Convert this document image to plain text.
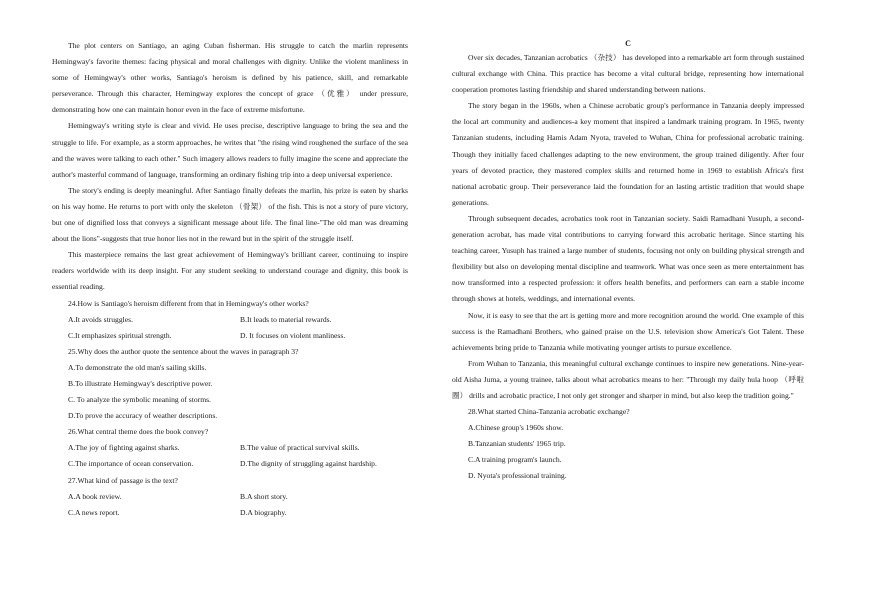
The plot centers on Santiago, an aging Cuban fisherman. His struggle to catch the marlin represents Hemingway's favorite themes: facing physical and moral challenges with dignity. Unlike the violent manliness in some of Hemingway's other works, Santiago's heroism is defined by his patience, skill, and remarkable perseverance. Through this character, Hemingway explores the concept of grace （优雅） under pressure, demonstrating how one can maintain honor even in the face of extreme misfortune.

Hemingway's writing style is clear and vivid. He uses precise, descriptive language to bring the sea and the struggle to life. For example, as a storm approaches, he writes that "the rising wind roughened the surface of the sea and the waves were talking to each other." Such imagery allows readers to fully imagine the scene and appreciate the author's masterful command of language, transforming an ordinary fishing trip into a deep universal experience.

The story's ending is deeply meaningful. After Santiago finally defeats the marlin, his prize is eaten by sharks on his way home. He returns to port with only the skeleton （骨架） of the fish. This is not a story of pure victory, but one of dignified loss that conveys a significant message about life. The final line-"The old man was dreaming about the lions"-suggests that true honor lies not in the reward but in the spirit of the struggle itself.

This masterpiece remains the last great achievement of Hemingway's brilliant career, continuing to inspire readers worldwide with its deep insight. For any student seeking to understand courage and dignity, this book is essential reading.

24.How is Santiago's heroism different from that in Hemingway's other works?

A.It avoids struggles.	B.It leads to material rewards.
C.It emphasizes spiritual strength.	D. It focuses on violent manliness.

25.Why does the author quote the sentence about the waves in paragraph 3?

A.To demonstrate the old man's sailing skills.
B.To illustrate Hemingway's descriptive power.
C. To analyze the symbolic meaning of storms.
D.To prove the accuracy of weather descriptions.

26.What central theme does the book convey?

A.The joy of fighting against sharks.	B.The value of practical survival skills.
C.The importance of ocean conservation.	D.The dignity of struggling against hardship.

27.What kind of passage is the text?

A.A book review.	B.A short story.
C.A news report.	D.A biography.
C

Over six decades, Tanzanian acrobatics （杂技） has developed into a remarkable art form through sustained cultural exchange with China. This practice has become a vital cultural bridge, representing how international cooperation promotes lasting friendship and shared understanding between nations.

The story began in the 1960s, when a Chinese acrobatic group's performance in Tanzania deeply impressed the local art community and audiences-a key moment that inspired a landmark training program. In 1965, twenty Tanzanian students, including Hamis Adam Nyota, traveled to Wuhan, China for professional acrobatic training. Though they initially faced challenges adapting to the new environment, the group trained diligently. After four years of devoted practice, they mastered complex skills and returned home in 1969 to establish Africa's first national acrobatic group. Their perseverance laid the foundation for an lasting artistic tradition that would shape generations.

Through subsequent decades, acrobatics took root in Tanzanian society. Saidi Ramadhani Yusuph, a second-generation acrobat, has made vital contributions to carrying forward this acrobatic heritage. Since starting his teaching career, Yusuph has trained a large number of students, focusing not only on building physical strength and flexibility but also on developing mental discipline and teamwork. What was once seen as mere entertainment has now transformed into a respected profession: it offers health benefits, and performers can earn a stable income through shows at hotels, weddings, and international events.

Now, it is easy to see that the art is getting more and more recognition around the world. One example of this success is the Ramadhani Brothers, who gained praise on the U.S. television show America's Got Talent. These achievements bring pride to Tanzania while motivating younger artists to pursue excellence.

From Wuhan to Tanzania, this meaningful cultural exchange continues to inspire new generations. Nine-year-old Aisha Juma, a young trainee, talks about what acrobatics means to her: "Through my daily hula hoop （呼啦圈） drills and acrobatic practice, I not only get stronger and sharper in mind, but also keep the tradition going."

28.What started China-Tanzania acrobatic exchange?

A.Chinese group's 1960s show.
B.Tanzanian students' 1965 trip.
C.A training program's launch.
D. Nyota's professional training.
